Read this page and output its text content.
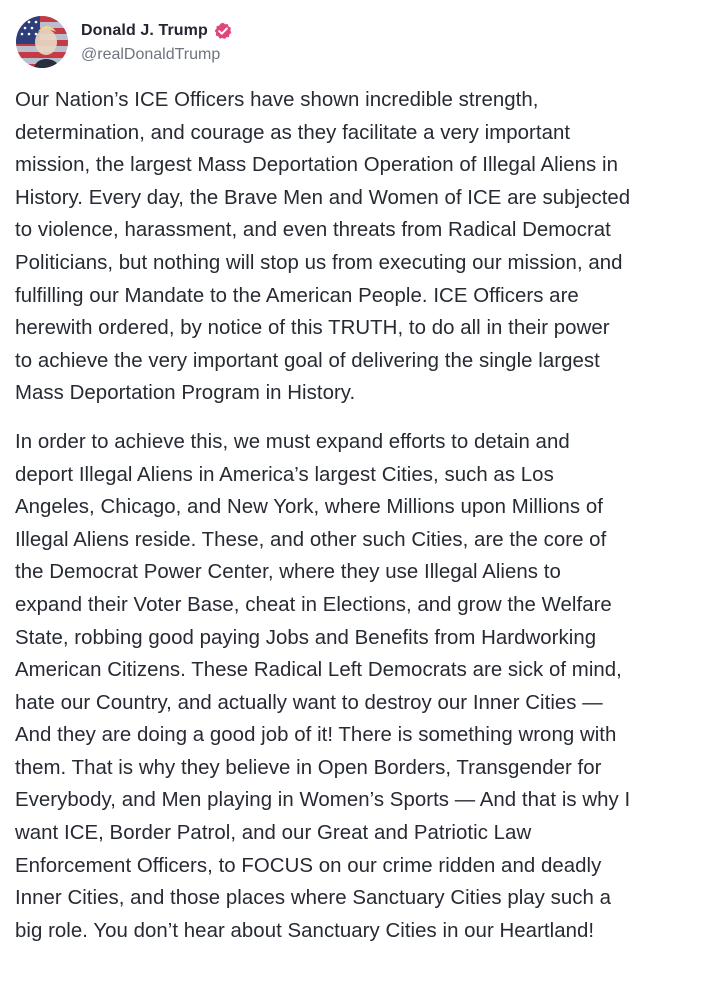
Donald J. Trump
@realDonaldTrump

Our Nation’s ICE Officers have shown incredible strength,
determination, and courage as they facilitate a very important
mission, the largest Mass Deportation Operation of Illegal Aliens in
History. Every day, the Brave Men and Women of ICE are subjected
to violence, harassment, and even threats from Radical Democrat
Politicians, but nothing will stop us from executing our mission, and
fulfilling our Mandate to the American People. ICE Officers are
herewith ordered, by notice of this TRUTH, to do all in their power
to achieve the very important goal of delivering the single largest
Mass Deportation Program in History.

In order to achieve this, we must expand efforts to detain and
deport Illegal Aliens in America’s largest Cities, such as Los
Angeles, Chicago, and New York, where Millions upon Millions of
Illegal Aliens reside. These, and other such Cities, are the core of
the Democrat Power Center, where they use Illegal Aliens to
expand their Voter Base, cheat in Elections, and grow the Welfare
State, robbing good paying Jobs and Benefits from Hardworking
American Citizens. These Radical Left Democrats are sick of mind,
hate our Country, and actually want to destroy our Inner Cities —
And they are doing a good job of it! There is something wrong with
them. That is why they believe in Open Borders, Transgender for
Everybody, and Men playing in Women’s Sports — And that is why I
want ICE, Border Patrol, and our Great and Patriotic Law
Enforcement Officers, to FOCUS on our crime ridden and deadly
Inner Cities, and those places where Sanctuary Cities play such a
big role. You don’t hear about Sanctuary Cities in our Heartland!
